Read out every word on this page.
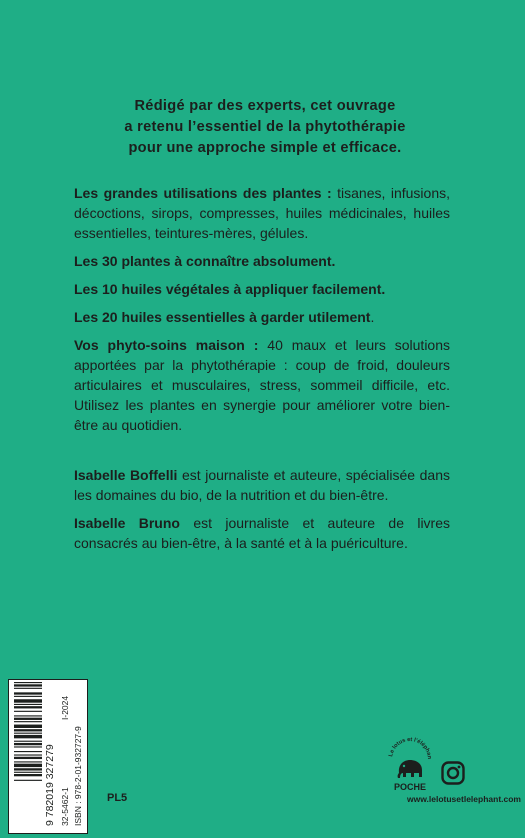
Rédigé par des experts, cet ouvrage
a retenu l’essentiel de la phytothérapie
pour une approche simple et efficace.

Les grandes utilisations des plantes : tisanes, infusions, décoctions, sirops, compresses, huiles médicinales, huiles essentielles, teintures-mères, gélules.

Les 30 plantes à connaître absolument.

Les 10 huiles végétales à appliquer facilement.

Les 20 huiles essentielles à garder utilement.

Vos phyto-soins maison : 40 maux et leurs solutions apportées par la phytothérapie : coup de froid, douleurs articulaires et musculaires, stress, sommeil difficile, etc. Utilisez les plantes en synergie pour améliorer votre bien-être au quotidien.

Isabelle Boffelli est journaliste et auteure, spécialisée dans les domaines du bio, de la nutrition et du bien-être.

Isabelle Bruno est journaliste et auteure de livres consacrés au bien-être, à la santé et à la puériculture.

9 782019 327279 32-5462-1
I-2024
ISBN : 978-2-01-932727-9 PL5
Le lotus et l’éléphan
POCHE
www.lelotusetlelephant.com
